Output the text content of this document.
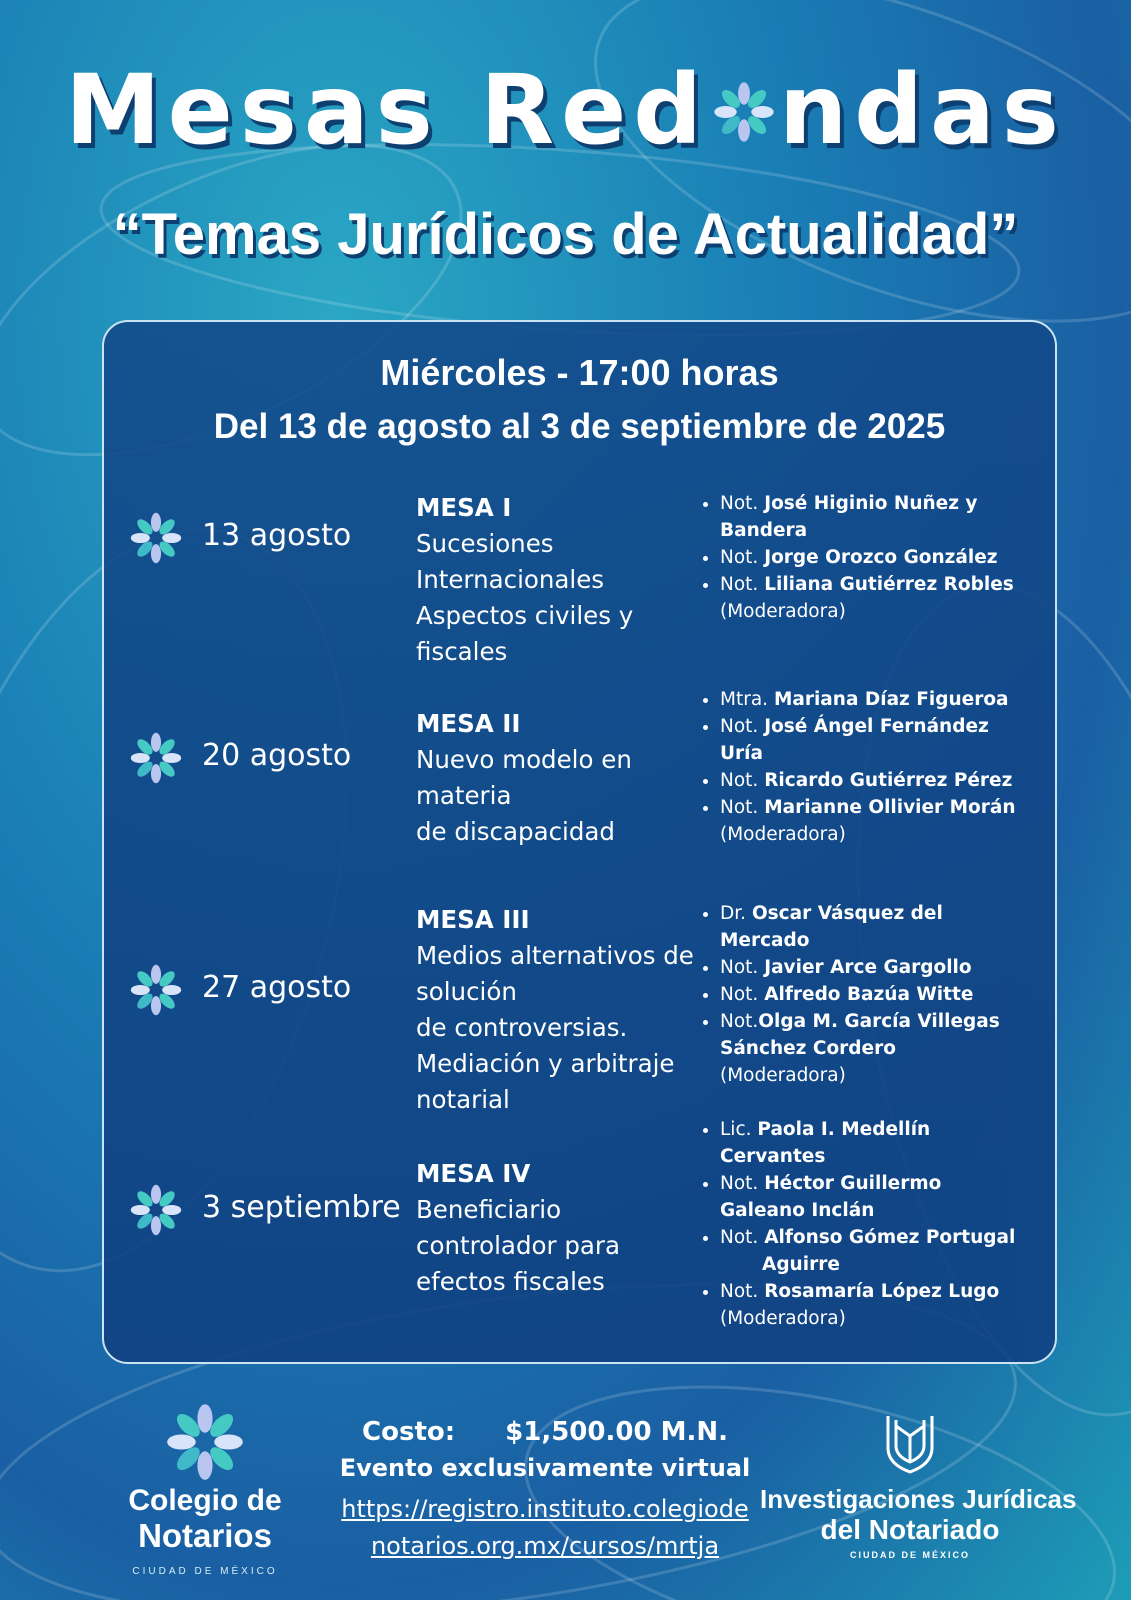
Mesas Red ndas
“Temas Jurídicos de Actualidad”
Miércoles - 17:00 horas
Del 13 de agosto al 3 de septiembre de 2025
13 agosto
MESA I
Sucesiones
Internacionales
Aspectos civiles y
fiscales
• Not. José Higinio Nuñez y
Bandera
• Not. Jorge Orozco González
• Not. Liliana Gutiérrez Robles
(Moderadora)
20 agosto
MESA II
Nuevo modelo en
materia
de discapacidad
• Mtra. Mariana Díaz Figueroa
• Not. José Ángel Fernández
Uría
• Not. Ricardo Gutiérrez Pérez
• Not. Marianne Ollivier Morán
(Moderadora)
27 agosto
MESA III
Medios alternativos de
solución
de controversias.
Mediación y arbitraje
notarial
• Dr. Oscar Vásquez del
Mercado
• Not. Javier Arce Gargollo
• Not. Alfredo Bazúa Witte
• Not.Olga M. García Villegas
Sánchez Cordero
(Moderadora)
3 septiembre
MESA IV
Beneficiario
controlador para
efectos fiscales
• Lic. Paola I. Medellín
Cervantes
• Not. Héctor Guillermo
Galeano Inclán
• Not. Alfonso Gómez Portugal
Aguirre
• Not. Rosamaría López Lugo
(Moderadora)
Costo: $1,500.00 M.N.
Evento exclusivamente virtual
https://registro.instituto.colegiode
notarios.org.mx/cursos/mrtja
Colegio de
Notarios
CIUDAD DE MÉXICO
Investigaciones Jurídicas
del Notariado
CIUDAD DE MÉXICO
